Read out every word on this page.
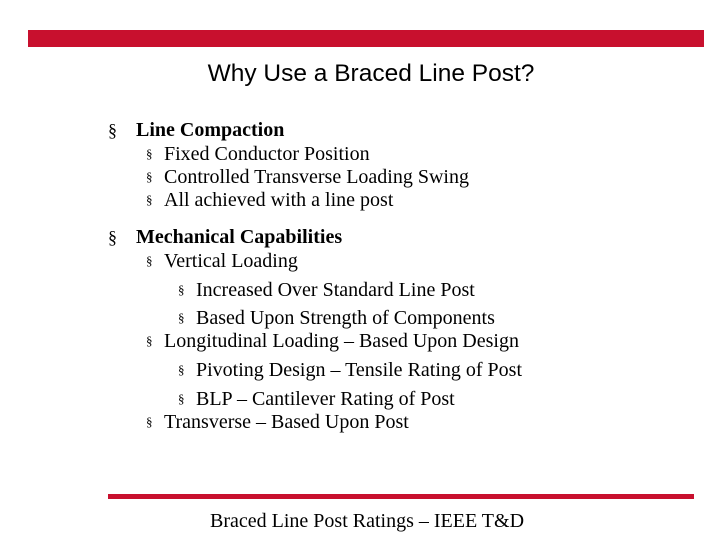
Why Use a Braced Line Post?
§ Line Compaction
§ Fixed Conductor Position
§ Controlled Transverse Loading Swing
§ All achieved with a line post
§ Mechanical Capabilities
§ Vertical Loading
§ Increased Over Standard Line Post
§ Based Upon Strength of Components
§ Longitudinal Loading – Based Upon Design
§ Pivoting Design – Tensile Rating of Post
§ BLP – Cantilever Rating of Post
§ Transverse – Based Upon Post
Braced Line Post Ratings – IEEE T&D
